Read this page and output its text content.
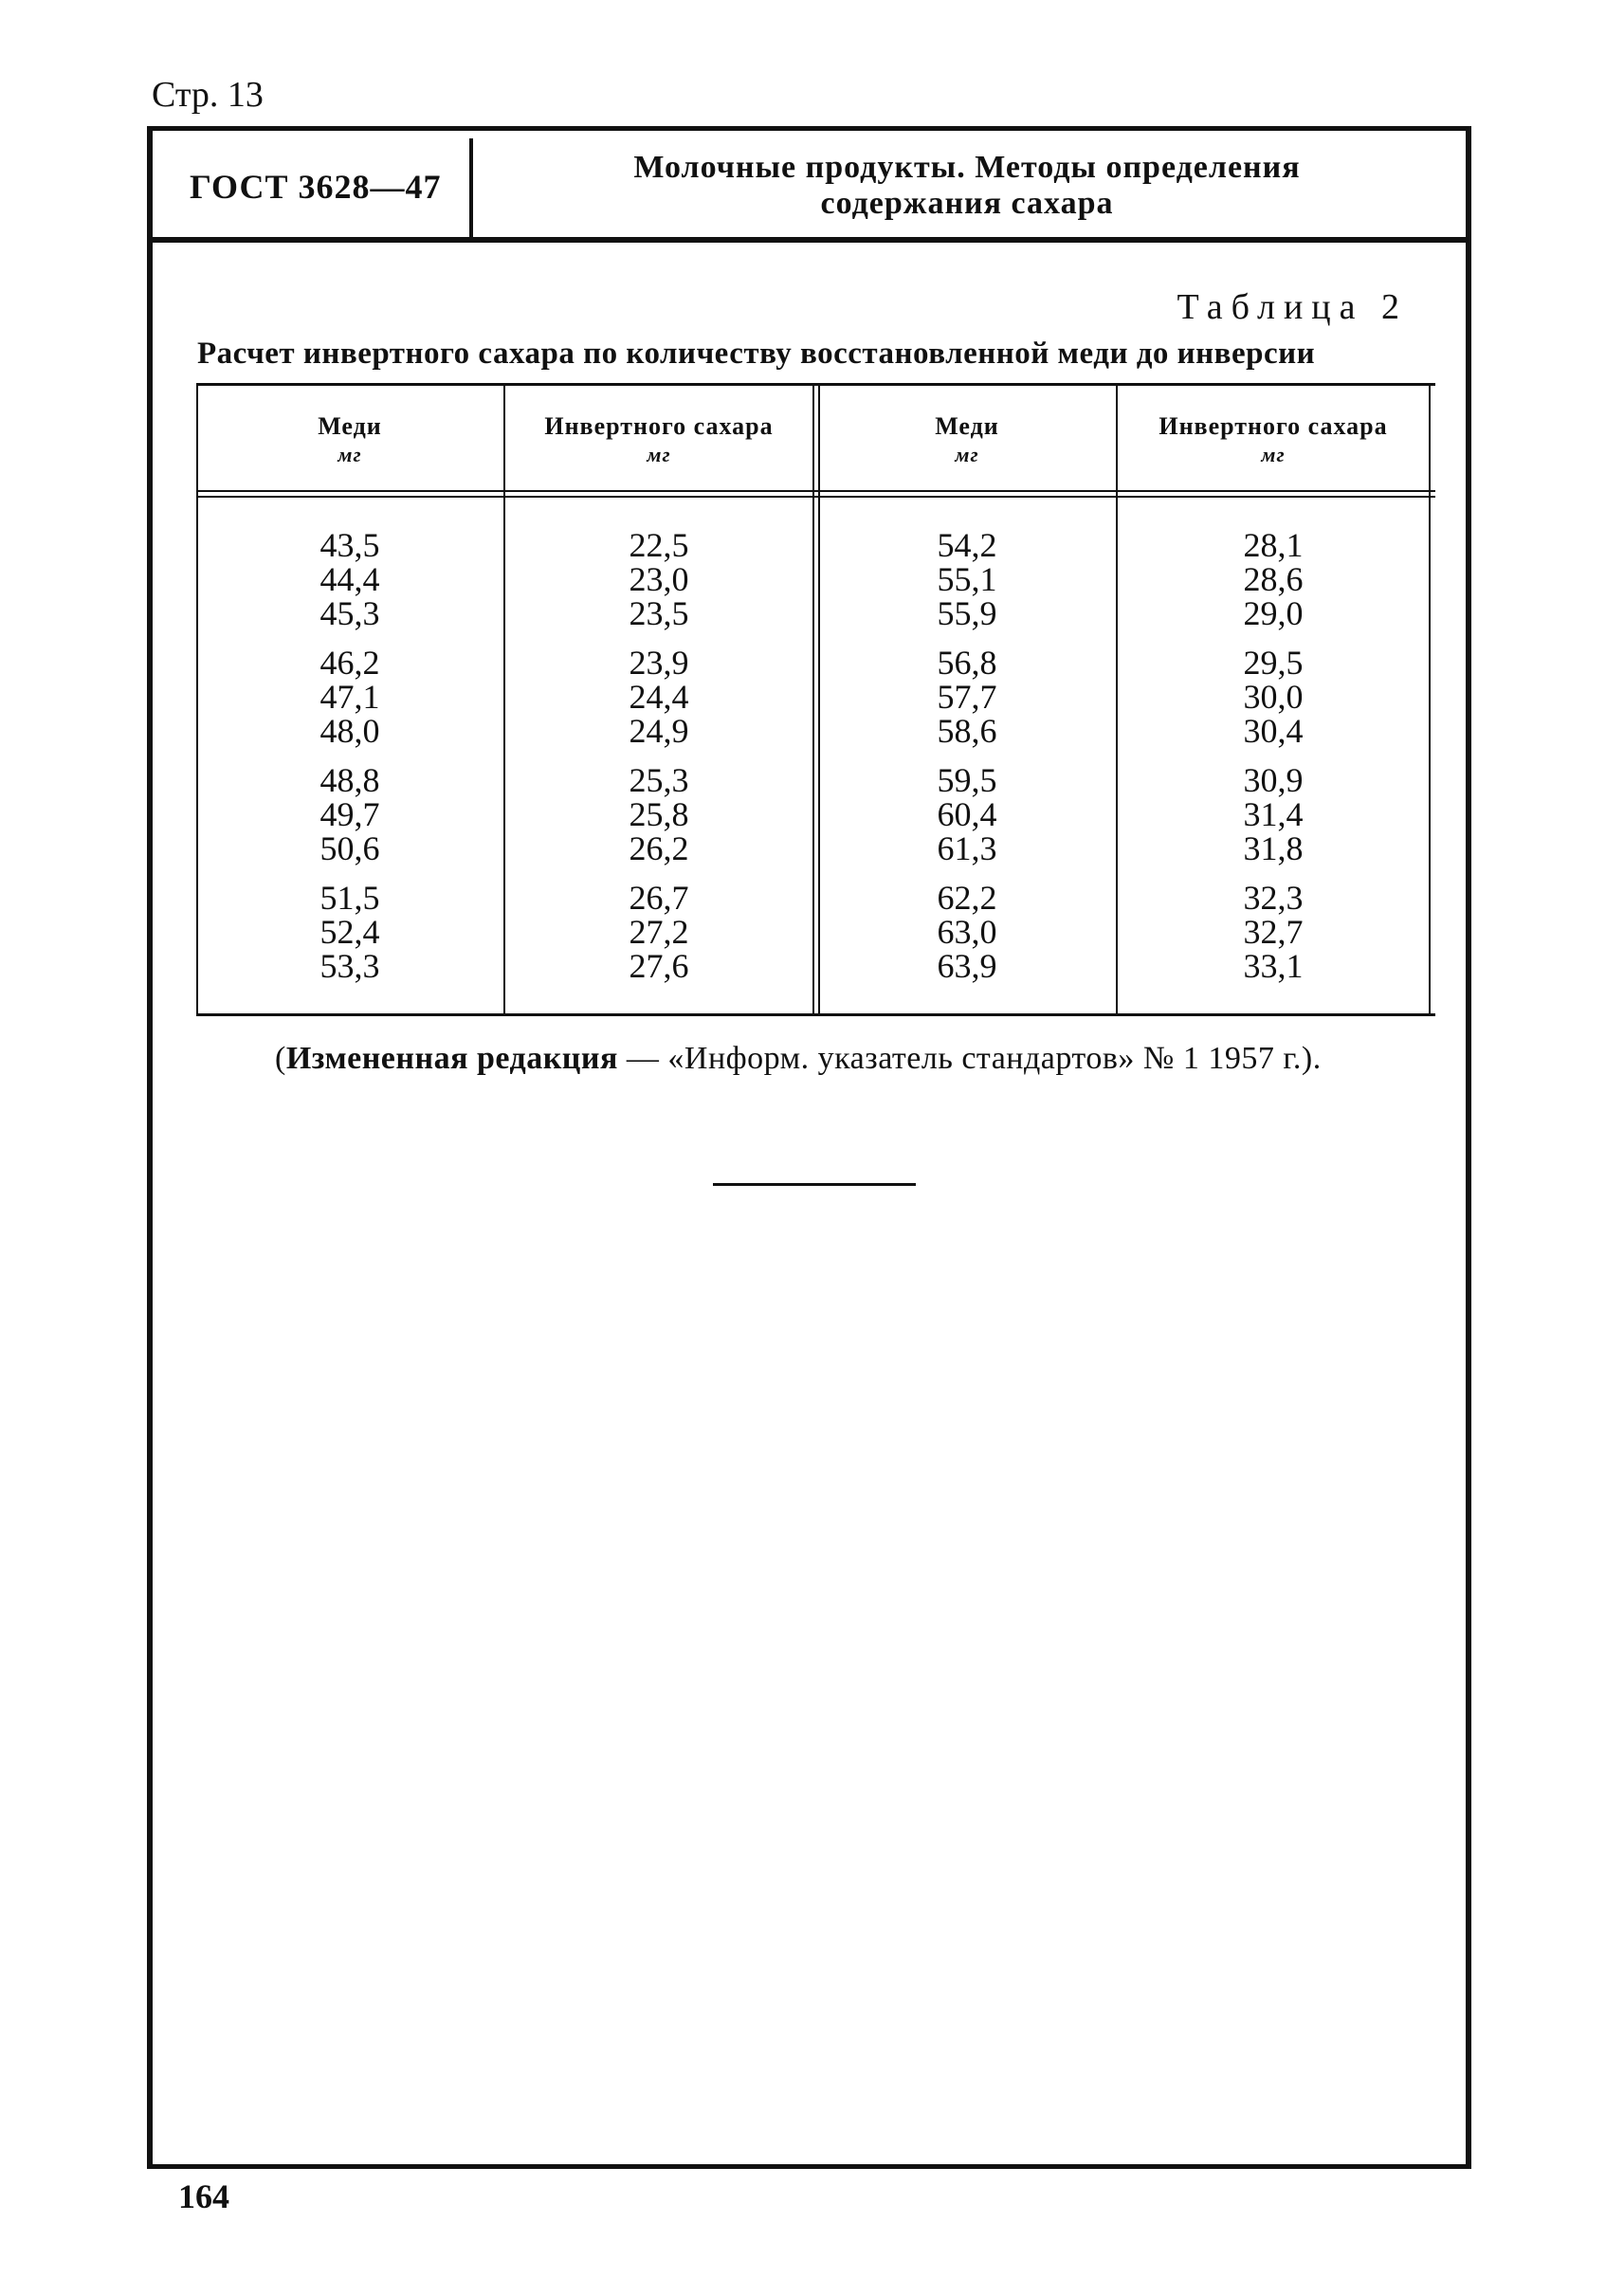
Стр. 13
ГОСТ 3628—47
Молочные продукты. Методы определения
содержания сахара
Таблица 2
Расчет инвертного сахара по количеству восстановленной меди до инверсии
Меди
мг
Инвертного сахара
мг
Меди
мг
Инвертного сахара
мг
43,5
44,4
45,3
46,2
47,1
48,0
48,8
49,7
50,6
51,5
52,4
53,3
22,5
23,0
23,5
23,9
24,4
24,9
25,3
25,8
26,2
26,7
27,2
27,6
54,2
55,1
55,9
56,8
57,7
58,6
59,5
60,4
61,3
62,2
63,0
63,9
28,1
28,6
29,0
29,5
30,0
30,4
30,9
31,4
31,8
32,3
32,7
33,1
(Измененная редакция — «Информ. указатель стандартов» № 1 1957 г.).
164
